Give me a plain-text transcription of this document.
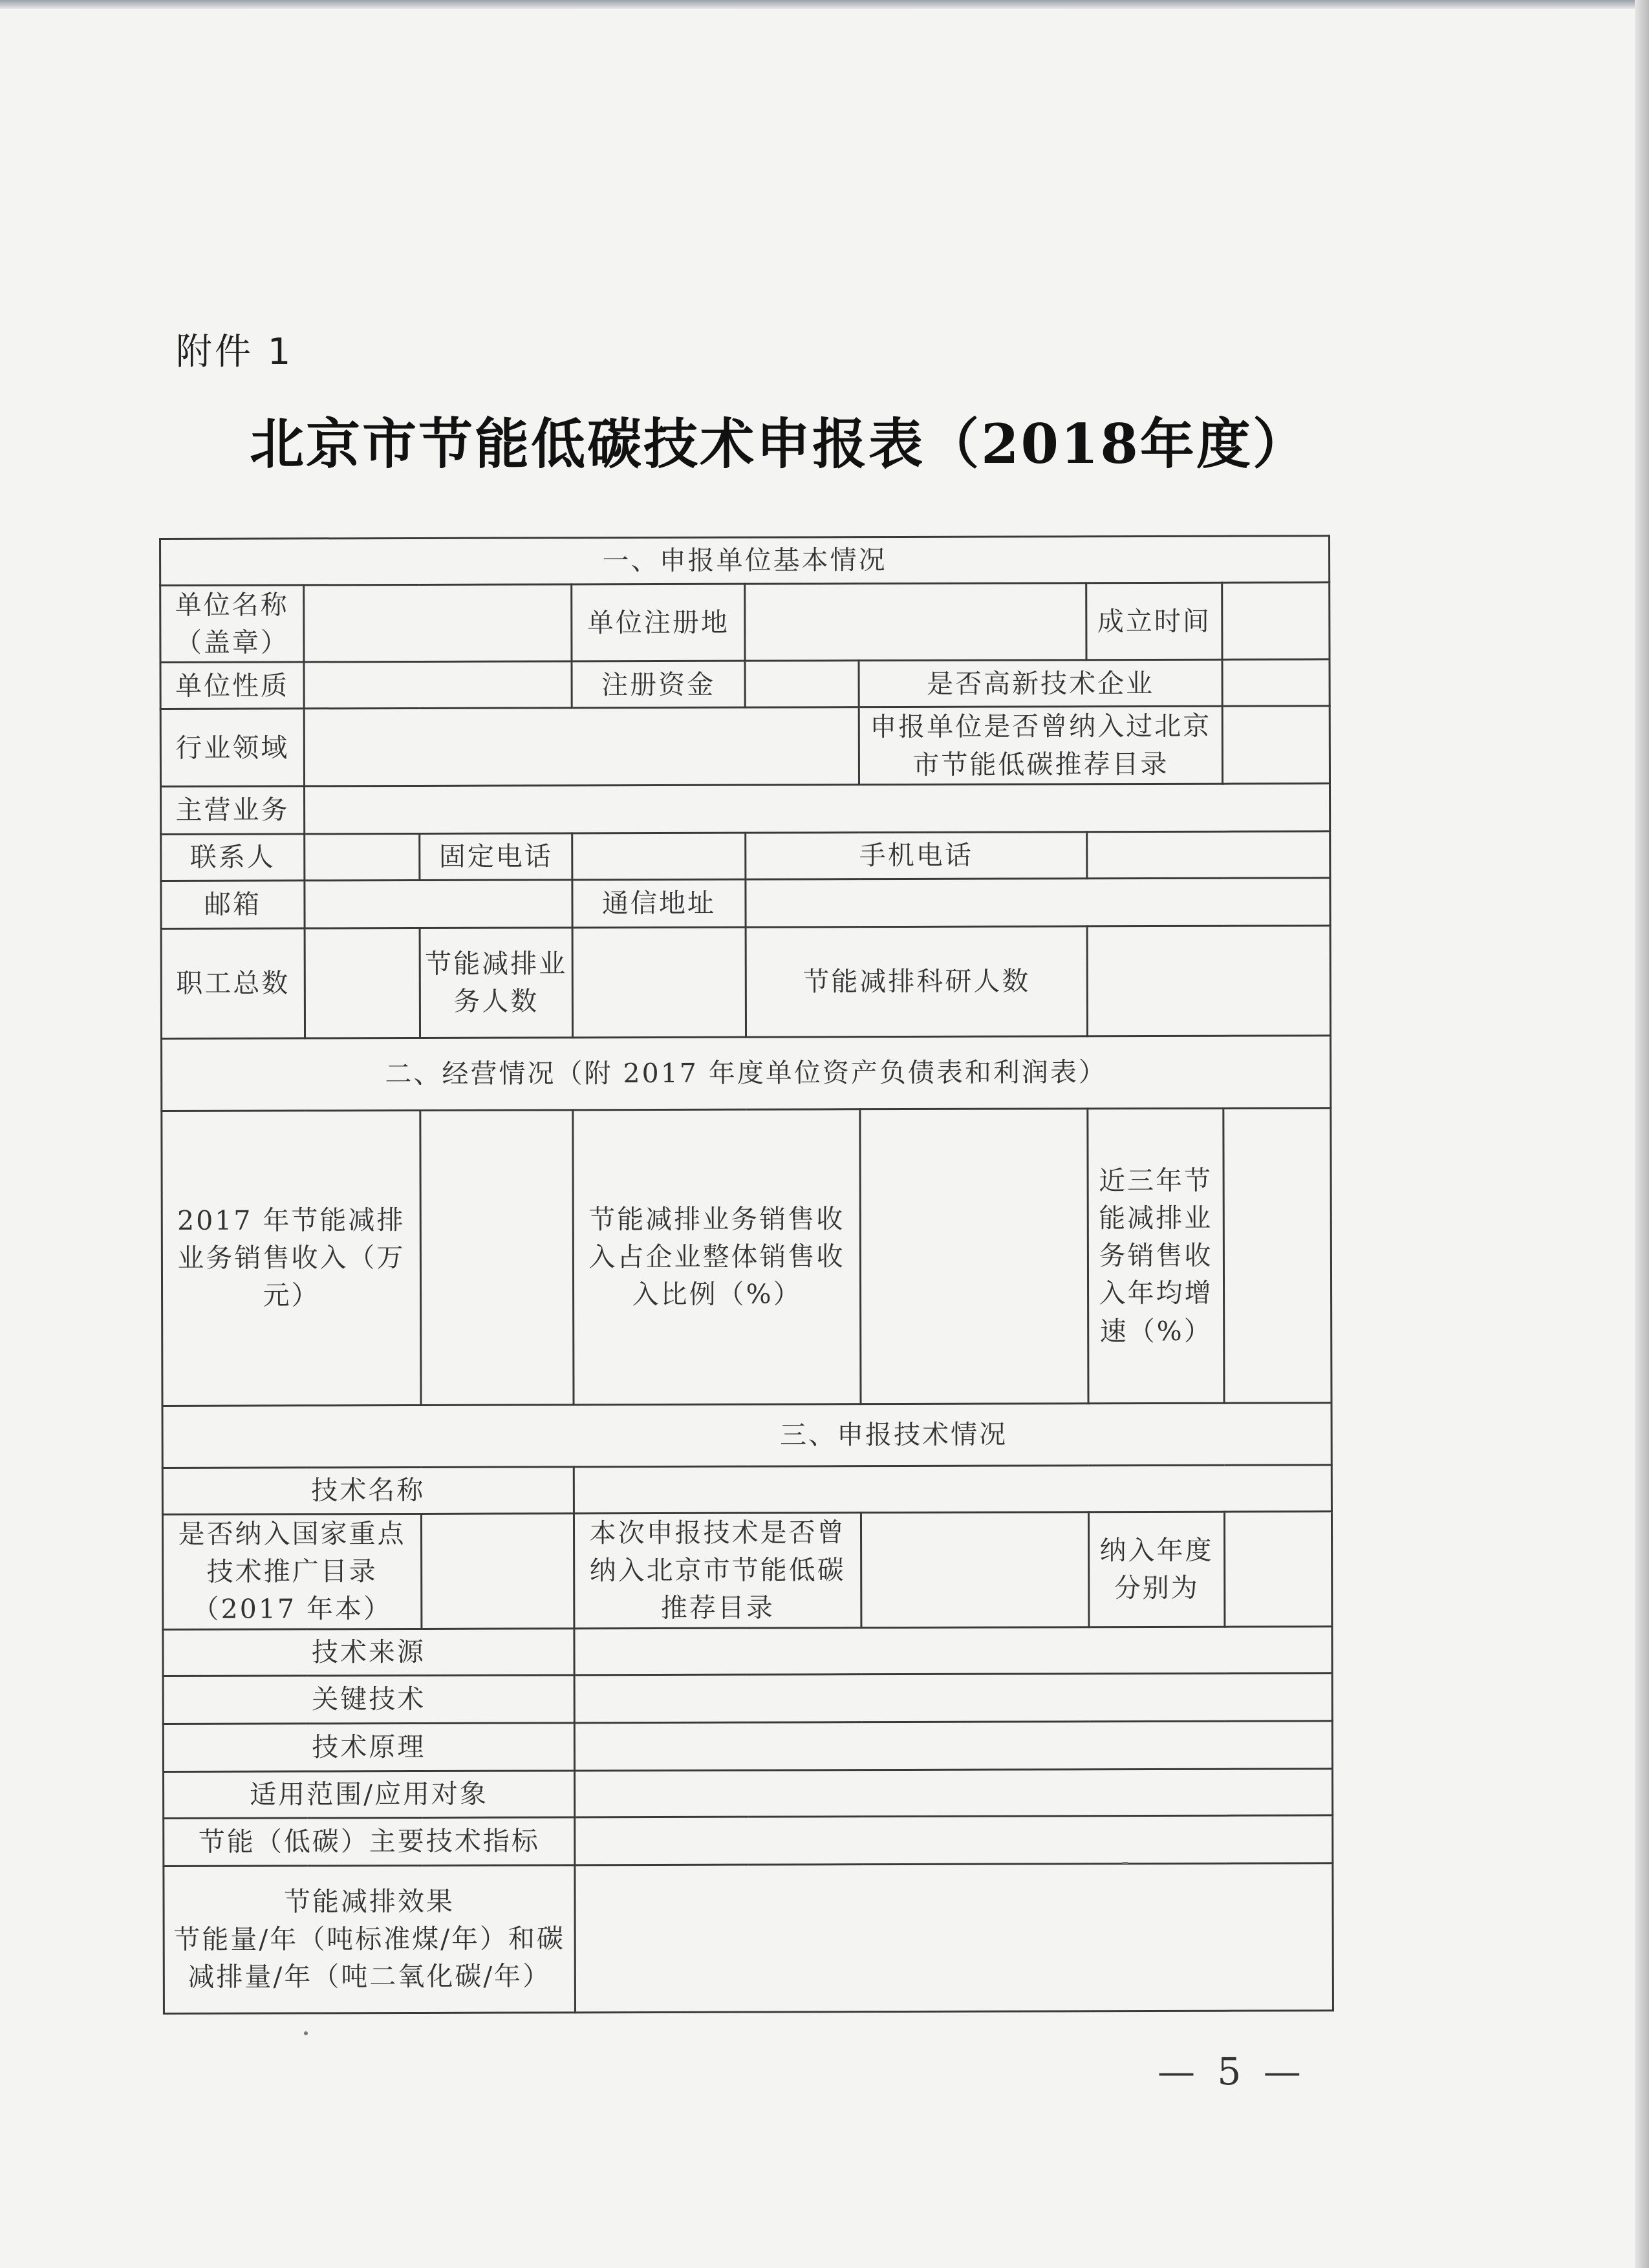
附件 1
北京市节能低碳技术申报表（2018年度）
一、申报单位基本情况							
单位名称（盖章）			单位注册地			成立时间	
单位性质			注册资金		是否高新技术企业		
行业领域					申报单位是否曾纳入过北京市节能低碳推荐目录		
主营业务							
联系人		固定电话		手机电话			
邮箱			通信地址				
职工总数		节能减排业务人数		节能减排科研人数			
二、经营情况（附 2017 年度单位资产负债表和利润表）							
2017 年节能减排业务销售收入（万元）			节能减排业务销售收入占企业整体销售收入比例（%）			近三年节能减排业务销售收入年均增速（%）	
三、申报技术情况							
技术名称							
是否纳入国家重点技术推广目录（2017 年本）			本次申报技术是否曾纳入北京市节能低碳推荐目录			纳入年度分别为	
技术来源							
关键技术							
技术原理							
适用范围/应用对象							
节能（低碳）主要技术指标							

节能减排效果
节能量/年（吨标准煤/年）和碳减排量/年（吨二氧化碳/年）							

— 5 —
